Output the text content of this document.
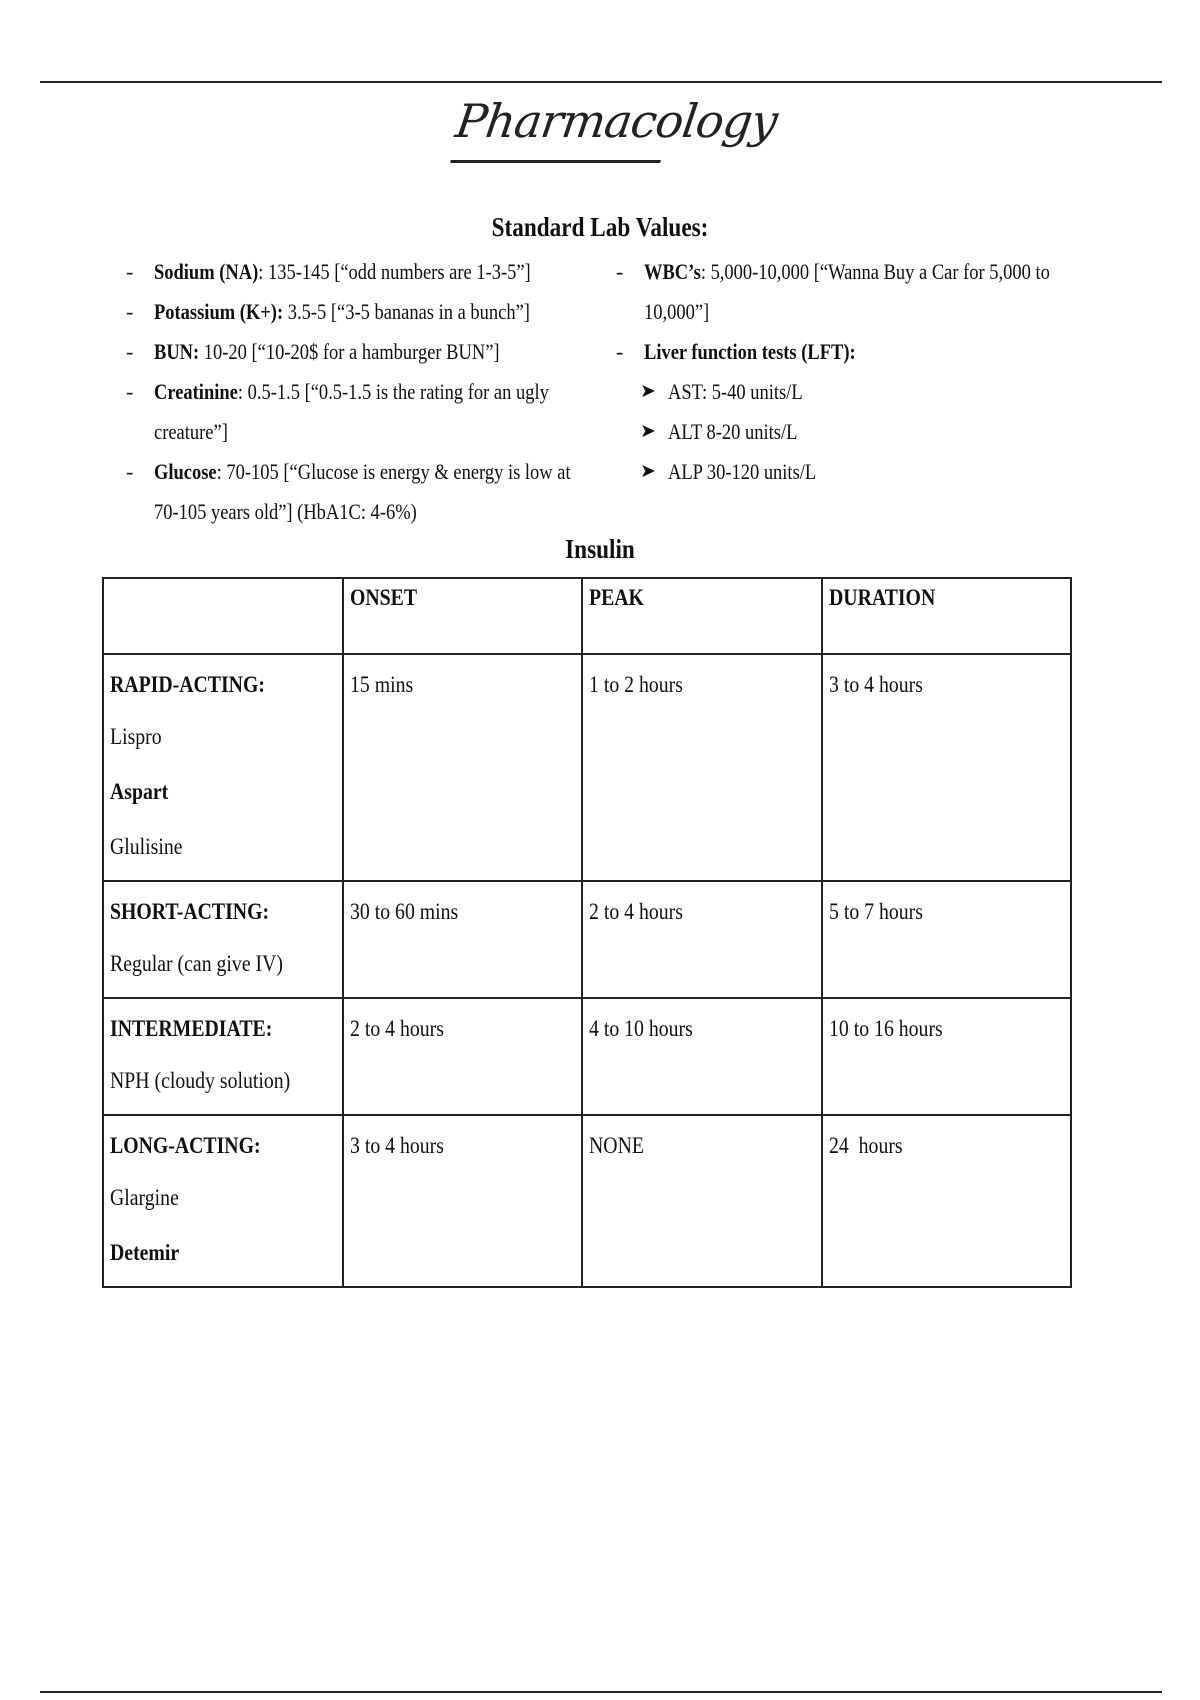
Pharmacology
Standard Lab Values:
- Sodium (NA): 135-145 [“odd numbers are 1-3-5”]
- Potassium (K+): 3.5-5 [“3-5 bananas in a bunch”]
- BUN: 10-20 [“10-20$ for a hamburger BUN”]
- Creatinine: 0.5-1.5 [“0.5-1.5 is the rating for an ugly
creature”]
- Glucose: 70-105 [“Glucose is energy & energy is low at
70-105 years old”] (HbA1C: 4-6%)
- WBC’s: 5,000-10,000 [“Wanna Buy a Car for 5,000 to
10,000”]
- Liver function tests (LFT):
➤ AST: 5-40 units/L
➤ ALT 8-20 units/L
➤ ALP 30-120 units/L
Insulin
	ONSET	PEAK	DURATION

RAPID-ACTING:
Lispro
Aspart
Glulisine	15 mins	1 to 2 hours	3 to 4 hours

SHORT-ACTING:
Regular (can give IV)	30 to 60 mins	2 to 4 hours	5 to 7 hours

INTERMEDIATE:
NPH (cloudy solution)	2 to 4 hours	4 to 10 hours	10 to 16 hours

LONG-ACTING:
Glargine
Detemir	3 to 4 hours	NONE	24  hours
